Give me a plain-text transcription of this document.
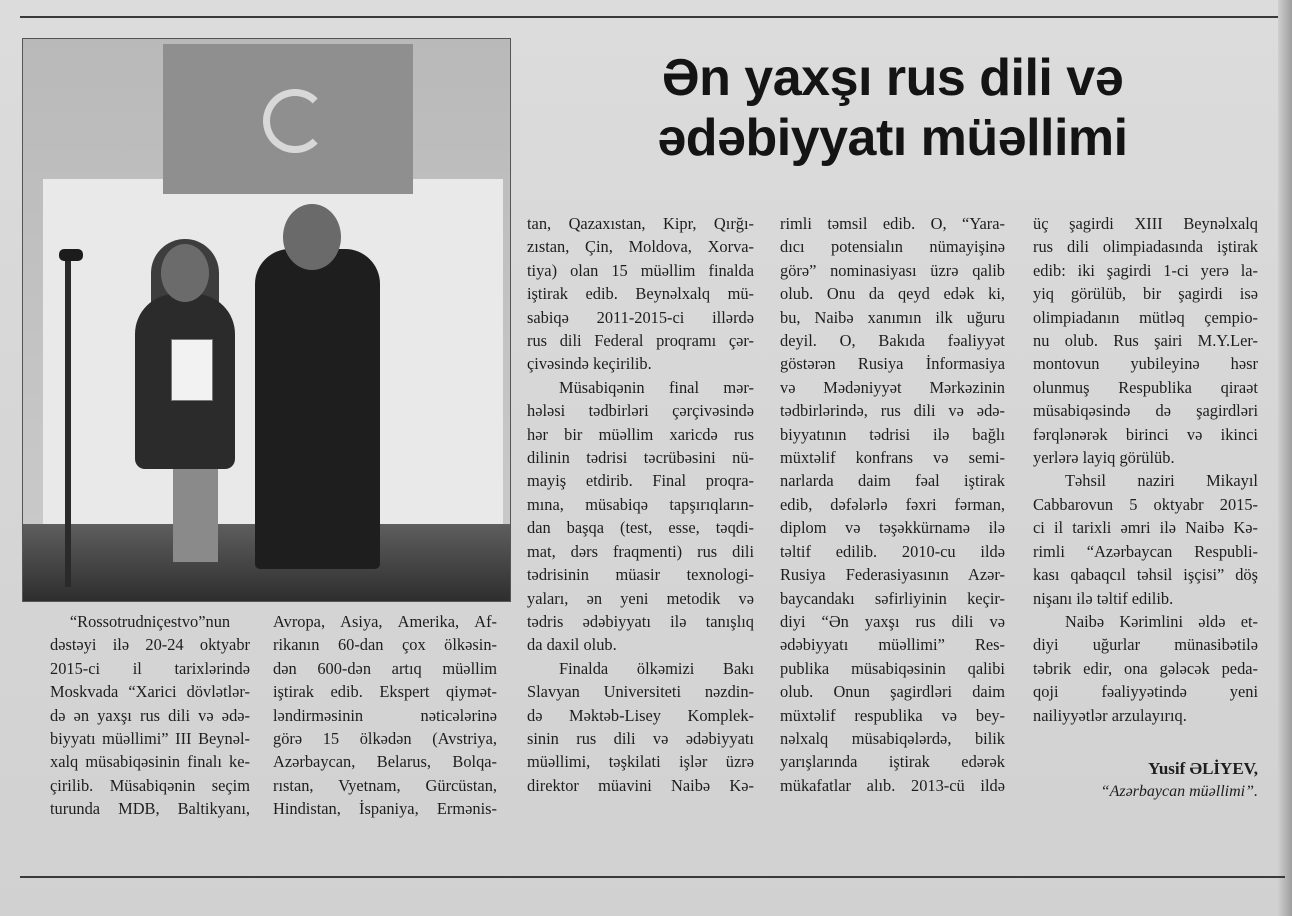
Ən yaxşı rus dili və
ədəbiyyatı müəllimi
“Rossotrudniçestvo”nun
dəstəyi ilə 20-24 oktyabr
2015-ci il tarixlərində
Moskvada “Xarici dövlətlər-
də ən yaxşı rus dili və ədə-
biyyatı müəllimi” III Beynəl-
xalq müsabiqəsinin finalı ke-
çirilib. Müsabiqənin seçim
turunda MDB, Baltikyanı,
Avropa, Asiya, Amerika, Af-
rikanın 60-dan çox ölkəsin-
dən 600-dən artıq müəllim
iştirak edib. Ekspert qiymət-
ləndirməsinin nəticələrinə
görə 15 ölkədən (Avstriya,
Azərbaycan, Belarus, Bolqa-
rıstan, Vyetnam, Gürcüstan,
Hindistan, İspaniya, Ermənis-
tan, Qazaxıstan, Kipr, Qırğı-
zıstan, Çin, Moldova, Xorva-
tiya) olan 15 müəllim finalda
iştirak edib. Beynəlxalq mü-
sabiqə 2011-2015-ci illərdə
rus dili Federal proqramı çər-
çivəsində keçirilib.
Müsabiqənin final mər-
hələsi tədbirləri çərçivəsində
hər bir müəllim xaricdə rus
dilinin tədrisi təcrübəsini nü-
mayiş etdirib. Final proqra-
mına, müsabiqə tapşırıqların-
dan başqa (test, esse, təqdi-
mat, dərs fraqmenti) rus dili
tədrisinin müasir texnologi-
yaları, ən yeni metodik və
tədris ədəbiyyatı ilə tanışlıq
da daxil olub.
Finalda ölkəmizi Bakı
Slavyan Universiteti nəzdin-
də Məktəb-Lisey Komplek-
sinin rus dili və ədəbiyyatı
müəllimi, təşkilati işlər üzrə
direktor müavini Naibə Kə-
rimli təmsil edib. O, “Yara-
dıcı potensialın nümayişinə
görə” nominasiyası üzrə qalib
olub. Onu da qeyd edək ki,
bu, Naibə xanımın ilk uğuru
deyil. O, Bakıda fəaliyyət
göstərən Rusiya İnformasiya
və Mədəniyyət Mərkəzinin
tədbirlərində, rus dili və ədə-
biyyatının tədrisi ilə bağlı
müxtəlif konfrans və semi-
narlarda daim fəal iştirak
edib, dəfələrlə fəxri fərman,
diplom və təşəkkürnamə ilə
təltif edilib. 2010-cu ildə
Rusiya Federasiyasının Azər-
baycandakı səfirliyinin keçir-
diyi “Ən yaxşı rus dili və
ədəbiyyatı müəllimi” Res-
publika müsabiqəsinin qalibi
olub. Onun şagirdləri daim
müxtəlif respublika və bey-
nəlxalq müsabiqələrdə, bilik
yarışlarında iştirak edərək
mükafatlar alıb. 2013-cü ildə
üç şagirdi XIII Beynəlxalq
rus dili olimpiadasında iştirak
edib: iki şagirdi 1-ci yerə la-
yiq görülüb, bir şagirdi isə
olimpiadanın mütləq çempio-
nu olub. Rus şairi M.Y.Ler-
montovun yubileyinə həsr
olunmuş Respublika qiraət
müsabiqəsində də şagirdləri
fərqlənərək birinci və ikinci
yerlərə layiq görülüb.
Təhsil naziri Mikayıl
Cabbarovun 5 oktyabr 2015-
ci il tarixli əmri ilə Naibə Kə-
rimli “Azərbaycan Respubli-
kası qabaqcıl təhsil işçisi” döş
nişanı ilə təltif edilib.
Naibə Kərimlini əldə et-
diyi uğurlar münasibətilə
təbrik edir, ona gələcək peda-
qoji fəaliyyətində yeni
nailiyyətlər arzulayırıq.
Yusif ƏLİYEV,
“Azərbaycan müəllimi”.
